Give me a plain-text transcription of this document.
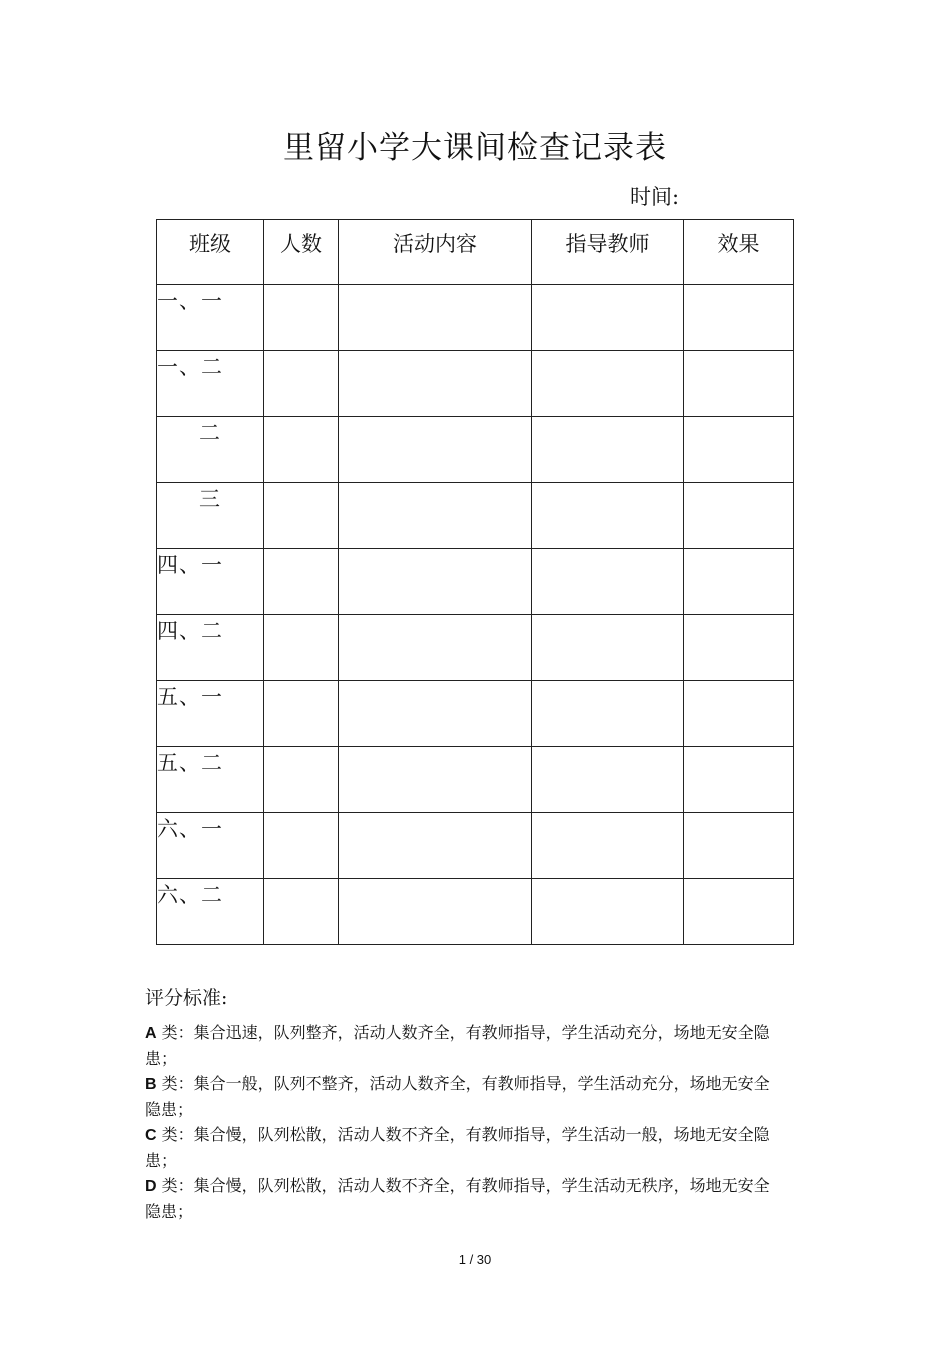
里留小学大课间检查记录表
时间:
班级	人数	活动内容	指导教师	效果
一、一				
一、二				
二				
三				
四、一				
四、二				
五、一				
五、二				
六、一				
六、二				
评分标准:

A 类：集合迅速，队列整齐，活动人数齐全，有教师指导，学生活动充分，场地无安全隐患；

B 类：集合一般，队列不整齐，活动人数齐全，有教师指导，学生活动充分，场地无安全隐患；

C 类：集合慢，队列松散，活动人数不齐全，有教师指导，学生活动一般，场地无安全隐患；

D 类：集合慢，队列松散，活动人数不齐全，有教师指导，学生活动无秩序，场地无安全隐患；

1 / 30
